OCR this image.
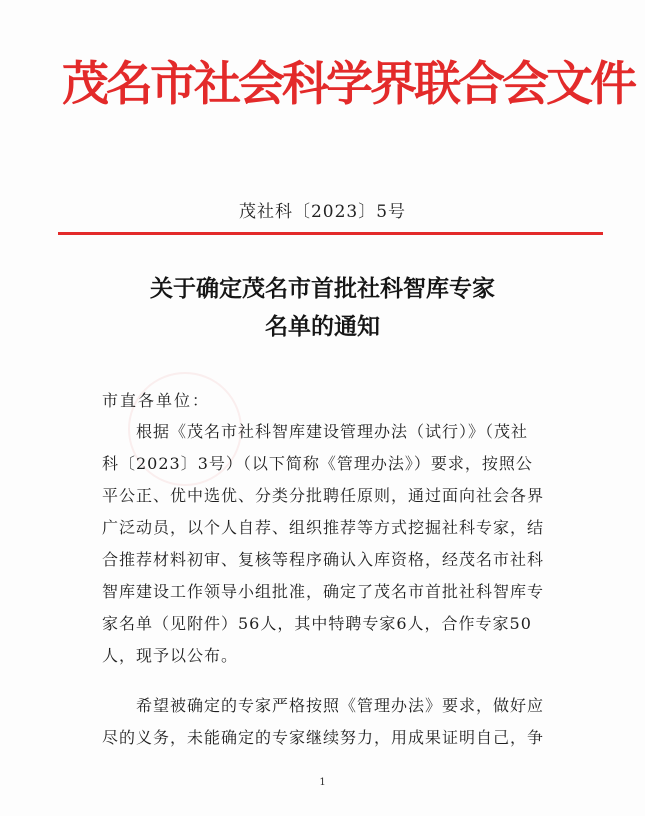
茂名市社会科学界联合会文件
茂社科〔2023〕5号
关于确定茂名市首批社科智库专家
名单的通知
市直各单位：
　　根据《茂名市社科智库建设管理办法（试行）》（茂社
科〔2023〕3号）（以下简称《管理办法》）要求，按照公
平公正、优中选优、分类分批聘任原则，通过面向社会各界
广泛动员，以个人自荐、组织推荐等方式挖掘社科专家，结
合推荐材料初审、复核等程序确认入库资格，经茂名市社科
智库建设工作领导小组批准，确定了茂名市首批社科智库专
家名单（见附件）56人，其中特聘专家6人，合作专家50
人，现予以公布。
　　希望被确定的专家严格按照《管理办法》要求，做好应
尽的义务，未能确定的专家继续努力，用成果证明自己，争
1
